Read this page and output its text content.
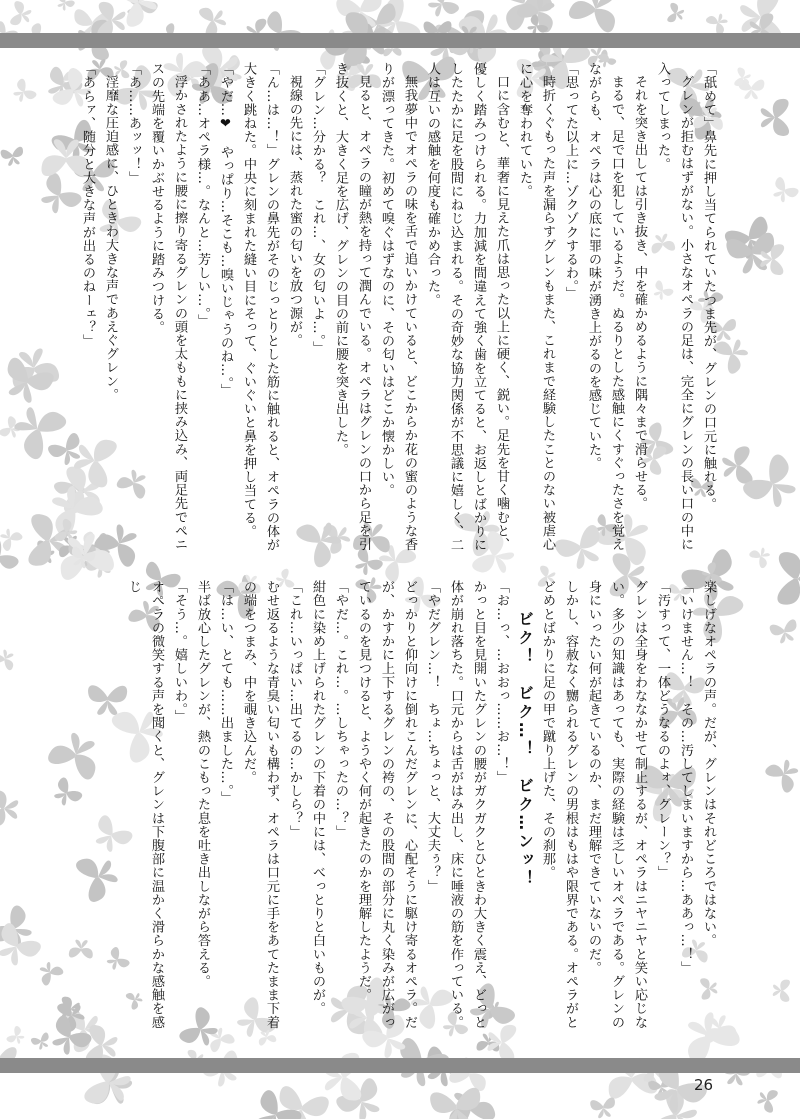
「舐めて」鼻先に押し当てられていたつま先が、グレンの口元に触れる。

グレンが拒むはずがない。小さなオペラの足は、完全にグレンの長い口の中に入ってしまった。

それを突き出しては引き抜き、中を確かめるように隅々まで滑らせる。

まるで、足で口を犯しているようだ。ぬるりとした感触にくすぐったさを覚えながらも、オペラは心の底に罪の味が湧き上がるのを感じていた。

「思ってた以上に…ゾクゾクするわ。」

時折くぐもった声を漏らすグレンもまた、これまで経験したことのない被虐心に心を奪われていた。

口に含むと、華奢に見えた爪は思った以上に硬く、鋭い。足先を甘く噛むと、優しく踏みつけられる。力加減を間違えて強く歯を立てると、お返しとばかりにしたたかに足を股間にねじ込まれる。その奇妙な協力関係が不思議に嬉しく、二人は互いの感触を何度も確かめ合った。

無我夢中でオペラの味を舌で追いかけていると、どこからか花の蜜のような香りが漂ってきた。初めて嗅ぐはずなのに、その匂いはどこか懐かしい。

見ると、オペラの瞳が熱を持って潤んでいる。オペラはグレンの口から足を引き抜くと、大きく足を広げ、グレンの目の前に腰を突き出した。

「グレン…分かる？　これ…、女の匂いよ…。」

視線の先には、蒸れた蜜の匂いを放つ源が。

「ん…は…！」グレンの鼻先がそのじっとりとした筋に触れると、オペラの体が大きく跳ねた。中央に刻まれた縫い目にそって、ぐいぐいと鼻を押し当てる。

「やだ…❤　やっぱり…そこも…嗅いじゃうのね…。」

「ああ…オペラ様…。なんと…芳しい…。」

浮かされたように腰に擦り寄るグレンの頭を太ももに挟み込み、両足先でペニスの先端を覆いかぶせるように踏みつける。

「あ……あッッ！」

淫靡な圧迫感に、ひときわ大きな声であえぐグレン。

「あらァ、随分と大きな声が出るのねーェ？」

楽しげなオペラの声。だが、グレンはそれどころではない。

「いけません…！　その…汚してしまいますから…ああっ…！」

「汚すって、一体どうなるのよォ、グレーン？」

グレンは全身をわななかせて制止するが、オペラはニヤニヤと笑い応じない。多少の知識はあっても、実際の経験は乏しいオペラである。グレンの身にいったい何が起きているのか、まだ理解できていないのだ。

しかし、容赦なく嬲られるグレンの男根はもはや限界である。オペラがとどめとばかりに足の甲で蹴り上げた、その刹那。

ビク！　ビク…！　ビク…ンッ！

「お…っ、…おおっ……お…！」

かっと目を見開いたグレンの腰がガクガクとひときわ大きく震え、どっと体が崩れ落ちた。口元からは舌がはみ出し、床に唾液の筋を作っている。

「やだグレン…！　ちょ…ちょっと、大丈夫ぅ？」

どっかりと仰向けに倒れこんだグレンに、心配そうに駆け寄るオペラ。だが、かすかに上下するグレンの袴の、その股間の部分に丸く染みが広がっているのを見つけると、ようやく何が起きたのかを理解したようだ。

「やだ…。これ…。…しちゃったの…？」

紺色に染め上げられたグレンの下着の中には、べっとりと白いものが。

「これ…いっぱい…出てるの…かしら？」

むせ返るような青臭い匂いも構わず、オペラは口元に手をあてたまま下着の端をつまみ、中を覗き込んだ。

「は…い、とても……出ました…。」

半ば放心したグレンが、熱のこもった息を吐き出しながら答える。

「そう…。嬉しいわ。」

オペラの微笑する声を聞くと、グレンは下腹部に温かく滑らかな感触を感じ

26
